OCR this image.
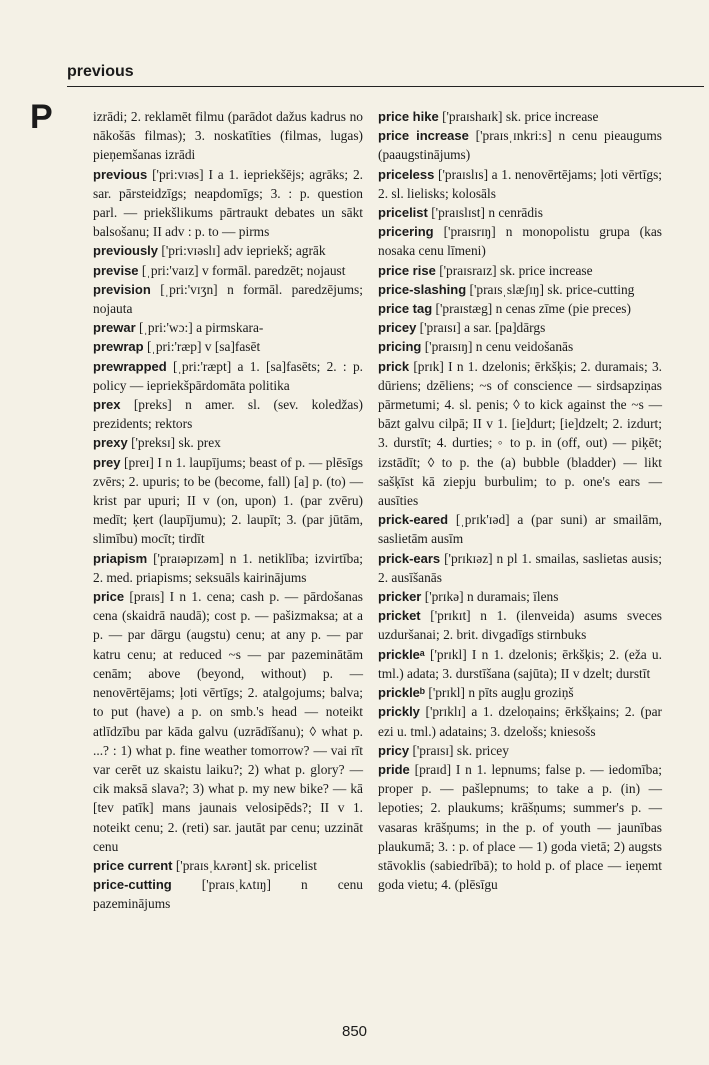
previous
P	izrādi; 2. reklamēt filmu (parādot dažus kadrus no nākošās filmas); 3. noskatīties (filmas, lugas) pieņemšanas izrādi

previous ['pri:vɪəs] I a 1. iepriekšējs; agrāks; 2. sar. pārsteidzīgs; neapdomīgs; 3. : p. question parl. — priekšlikums pārtraukt debates un sākt balsošanu; II adv : p. to — pirms

previously ['pri:vɪəslɪ] adv iepriekš; agrāk

previse [ˌpri:'vaɪz] v formāl. paredzēt; nojaust

prevision [ˌpri:'vɪʒn] n formāl. paredzējums; nojauta

prewar [ˌpri:'wɔ:] a pirmskara-

prewrap [ˌpri:'ræp] v [sa]fasēt

prewrapped [ˌpri:'ræpt] a 1. [sa]fasēts; 2. : p. policy — iepriekšpārdomāta politika

prex [preks] n amer. sl. (sev. koledžas) prezidents; rektors

prexy ['preksɪ] sk. prex

prey [preɪ] I n 1. laupījums; beast of p. — plēsīgs zvērs; 2. upuris; to be (become, fall) [a] p. (to) — krist par upuri; II v (on, upon) 1. (par zvēru) medīt; ķert (laupījumu); 2. laupīt; 3. (par jūtām, slimību) mocīt; tirdīt

priapism ['praɪəpɪzəm] n 1. netiklība; izvirtība; 2. med. priapisms; seksuāls kairinājums

price [praɪs] I n 1. cena; cash p. — pārdošanas cena (skaidrā naudā); cost p. — pašizmaksa; at a p. — par dārgu (augstu) cenu; at any p. — par katru cenu; at reduced ~s — par pazeminātām cenām; above (beyond, without) p. — nenovērtējams; ļoti vērtīgs; 2. atalgojums; balva; to put (have) a p. on smb.'s head — noteikt atlīdzību par kāda galvu (uzrādīšanu); ◊ what p. ...? : 1) what p. fine weather tomorrow? — vai rīt var cerēt uz skaistu laiku?; 2) what p. glory? — cik maksā slava?; 3) what p. my new bike? — kā [tev patīk] mans jaunais velosipēds?; II v 1. noteikt cenu; 2. (reti) sar. jautāt par cenu; uzzināt cenu

price current ['praɪsˌkʌrənt] sk. pricelist

price-cutting ['praɪsˌkʌtɪŋ] n cenu pazeminājums

price hike ['praɪshaɪk] sk. price increase

price increase ['praɪsˌɪnkri:s] n cenu pieaugums (paaugstinājums)

priceless ['praɪslɪs] a 1. nenovērtējams; ļoti vērtīgs; 2. sl. lielisks; kolosāls

pricelist ['praɪslɪst] n cenrādis

pricering ['praɪsrɪŋ] n monopolistu grupa (kas nosaka cenu līmeni)

price rise ['praɪsraɪz] sk. price increase

price-slashing ['praɪsˌslæʃɪŋ] sk. price-cutting

price tag ['praɪstæg] n cenas zīme (pie preces)

pricey ['praɪsɪ] a sar. [pa]dārgs

pricing ['praɪsɪŋ] n cenu veidošanās

prick [prɪk] I n 1. dzelonis; ērkšķis; 2. duramais; 3. dūriens; dzēliens; ~s of conscience — sirdsapziņas pārmetumi; 4. sl. penis; ◊ to kick against the ~s — bāzt galvu cilpā; II v 1. [ie]durt; [ie]dzelt; 2. izdurt; 3. durstīt; 4. durties; ◦ to p. in (off, out) — piķēt; izstādīt; ◊ to p. the (a) bubble (bladder) — likt sašķīst kā ziepju burbulim; to p. one's ears — ausīties

prick-eared [ˌprɪk'ɪəd] a (par suni) ar smailām, saslietām ausīm

prick-ears ['prɪkɪəz] n pl 1. smailas, saslietas ausis; 2. ausīšanās

pricker ['prɪkə] n duramais; īlens

pricket ['prɪkɪt] n 1. (ilenveida) asums sveces uzduršanai; 2. brit. divgadīgs stirnbuks

prickleᵃ ['prɪkl] I n 1. dzelonis; ērkšķis; 2. (eža u. tml.) adata; 3. durstīšana (sajūta); II v dzelt; durstīt

prickleᵇ ['prɪkl] n pīts augļu groziņš

prickly ['prɪklɪ] a 1. dzeloņains; ērkšķains; 2. (par ezi u. tml.) adatains; 3. dzelošs; kniesošs

pricy ['praɪsɪ] sk. pricey

pride [praɪd] I n 1. lepnums; false p. — iedomība; proper p. — pašlepnums; to take a p. (in) — lepoties; 2. plaukums; krāšņums; summer's p. — vasaras krāšņums; in the p. of youth — jaunības plaukumā; 3. : p. of place — 1) goda vietā; 2) augsts stāvoklis (sabiedrībā); to hold p. of place — ieņemt goda vietu; 4. (plēsīgu

850
